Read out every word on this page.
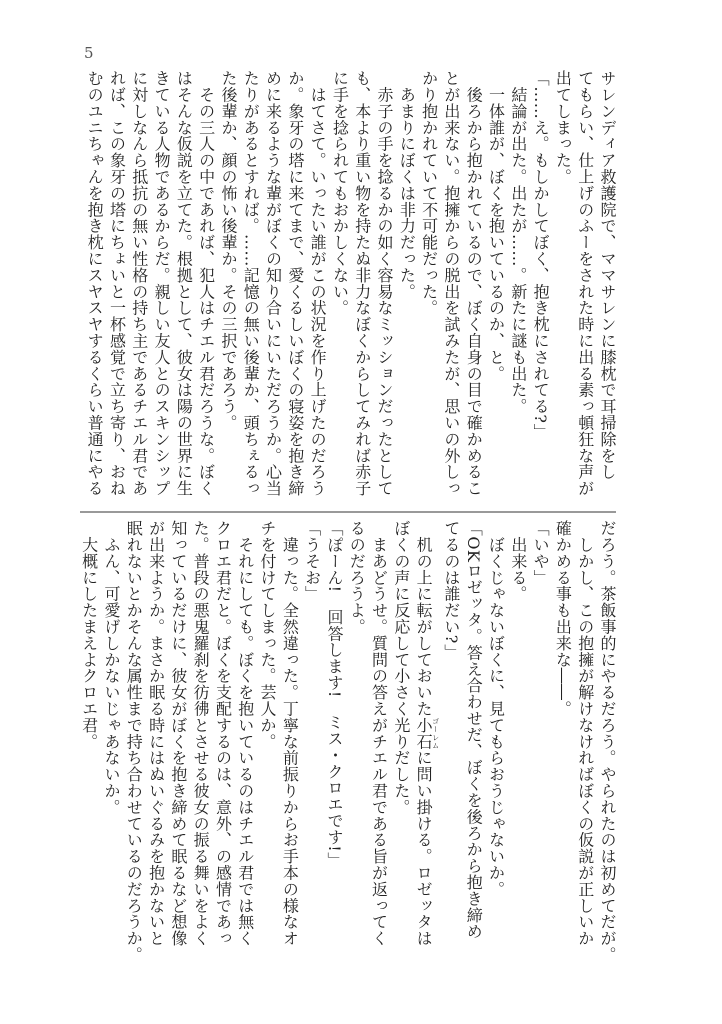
5
サレンディア救護院で、ママサレンに膝枕で耳掃除をし
てもらい、仕上げのふーをされた時に出る素っ頓狂な声が
出てしまった。
「……え。もしかしてぼく、抱き枕にされてる?」
　結論が出た。出たが……。新たに謎も出た。
　一体誰が、ぼくを抱いているのか、と。
　後ろから抱かれているので、ぼく自身の目で確かめるこ
とが出来ない。抱擁からの脱出を試みたが、思いの外しっ
かり抱かれていて不可能だった。
　あまりにぼくは非力だった。
　赤子の手を捻るかの如く容易なミッションだったとして
も、本より重い物を持たぬ非力なぼくからしてみれば赤子
に手を捻られてもおかしくない。
　はてさて。いったい誰がこの状況を作り上げたのだろう
か。象牙の塔に来てまで、愛くるしいぼくの寝姿を抱き締
めに来るような輩がぼくの知り合いにいただろうか。心当
たりがあるとすれば。……記憶の無い後輩か、頭ちぇるっ
た後輩か、顔の怖い後輩か。その三択であろう。
　その三人の中であれば、犯人はチエル君だろうな。ぼく
はそんな仮説を立てた。根拠として、彼女は陽の世界に生
きている人物であるからだ。親しい友人とのスキンシップ
に対しなんら抵抗の無い性格の持ち主であるチエル君であ
れば、この象牙の塔にちょいと一杯感覚で立ち寄り、おね
むのユニちゃんを抱き枕にスヤスヤするくらい普通にやる
だろう。茶飯事的にやるだろう。やられたのは初めてだが。
　しかし、この抱擁が解けなければぼくの仮説が正しいか
確かめる事も出来な――。
「いや」
　出来る。
　ぼくじゃないぼくに、見てもらおうじゃないか。
「OKロゼッタ。答え合わせだ、ぼくを後ろから抱き締め
てるのは誰だい?」
　机の上に転がしておいた小石ゴーレムに問い掛ける。ロゼッタは
ぼくの声に反応して小さく光りだした。
　まあどうせ。質問の答えがチエル君である旨が返ってく
るのだろうよ。
「ぽーん!　回答します!　ミス・クロエです!」
「うそお」
　違った。全然違った。丁寧な前振りからお手本の様なオ
チを付けてしまった。芸人か。
　それにしても。ぼくを抱いているのはチエル君では無く
クロエ君だと。ぼくを支配するのは、意外、の感情であっ
た。普段の悪鬼羅刹を彷彿とさせる彼女の振る舞いをよく
知っているだけに、彼女がぼくを抱き締めて眠るなど想像
が出来ようか。まさか眠る時にはぬいぐるみを抱かないと
眠れないとかそんな属性まで持ち合わせているのだろうか。
　ふん、可愛げしかないじゃあないか。
　大概にしたまえよクロエ君。
